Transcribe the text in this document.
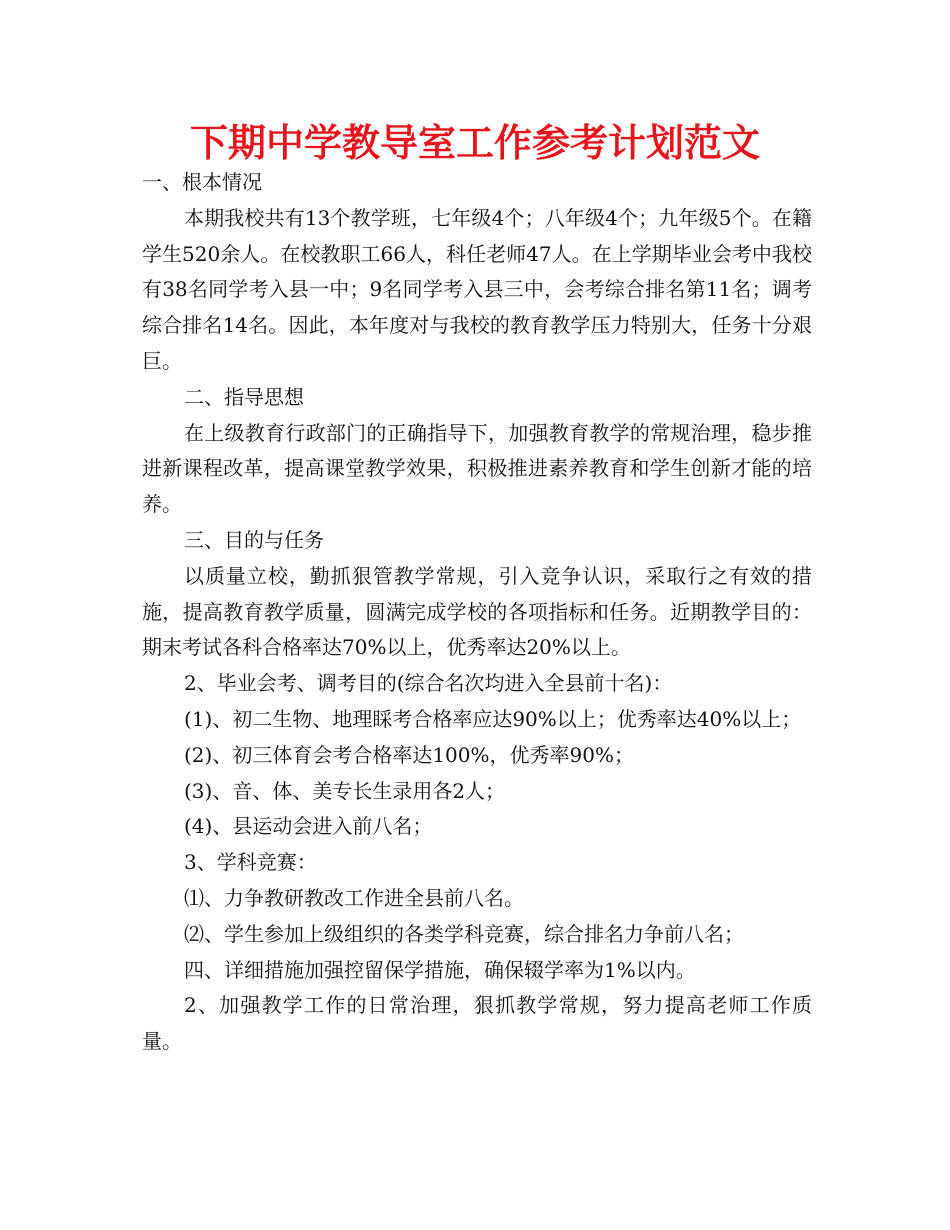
下期中学教导室工作参考计划范文

一、根本情况

本期我校共有13个教学班，七年级4个；八年级4个；九年级5个。在籍学生520余人。在校教职工66人，科任老师47人。在上学期毕业会考中我校有38名同学考入县一中；9名同学考入县三中，会考综合排名第11名；调考综合排名14名。因此，本年度对与我校的教育教学压力特别大，任务十分艰巨。

二、指导思想

在上级教育行政部门的正确指导下，加强教育教学的常规治理，稳步推进新课程改革，提高课堂教学效果，积极推进素养教育和学生创新才能的培养。

三、目的与任务

以质量立校，勤抓狠管教学常规，引入竞争认识，采取行之有效的措施，提高教育教学质量，圆满完成学校的各项指标和任务。近期教学目的：期末考试各科合格率达70%以上，优秀率达20%以上。

2、毕业会考、调考目的(综合名次均进入全县前十名)：

(1)、初二生物、地理睬考合格率应达90%以上；优秀率达40%以上；

(2)、初三体育会考合格率达100%，优秀率90%；

(3)、音、体、美专长生录用各2人；

(4)、县运动会进入前八名；

3、学科竞赛：

⑴、力争教研教改工作进全县前八名。

⑵、学生参加上级组织的各类学科竞赛，综合排名力争前八名；

四、详细措施加强控留保学措施，确保辍学率为1%以内。

2、加强教学工作的日常治理，狠抓教学常规，努力提高老师工作质量。
